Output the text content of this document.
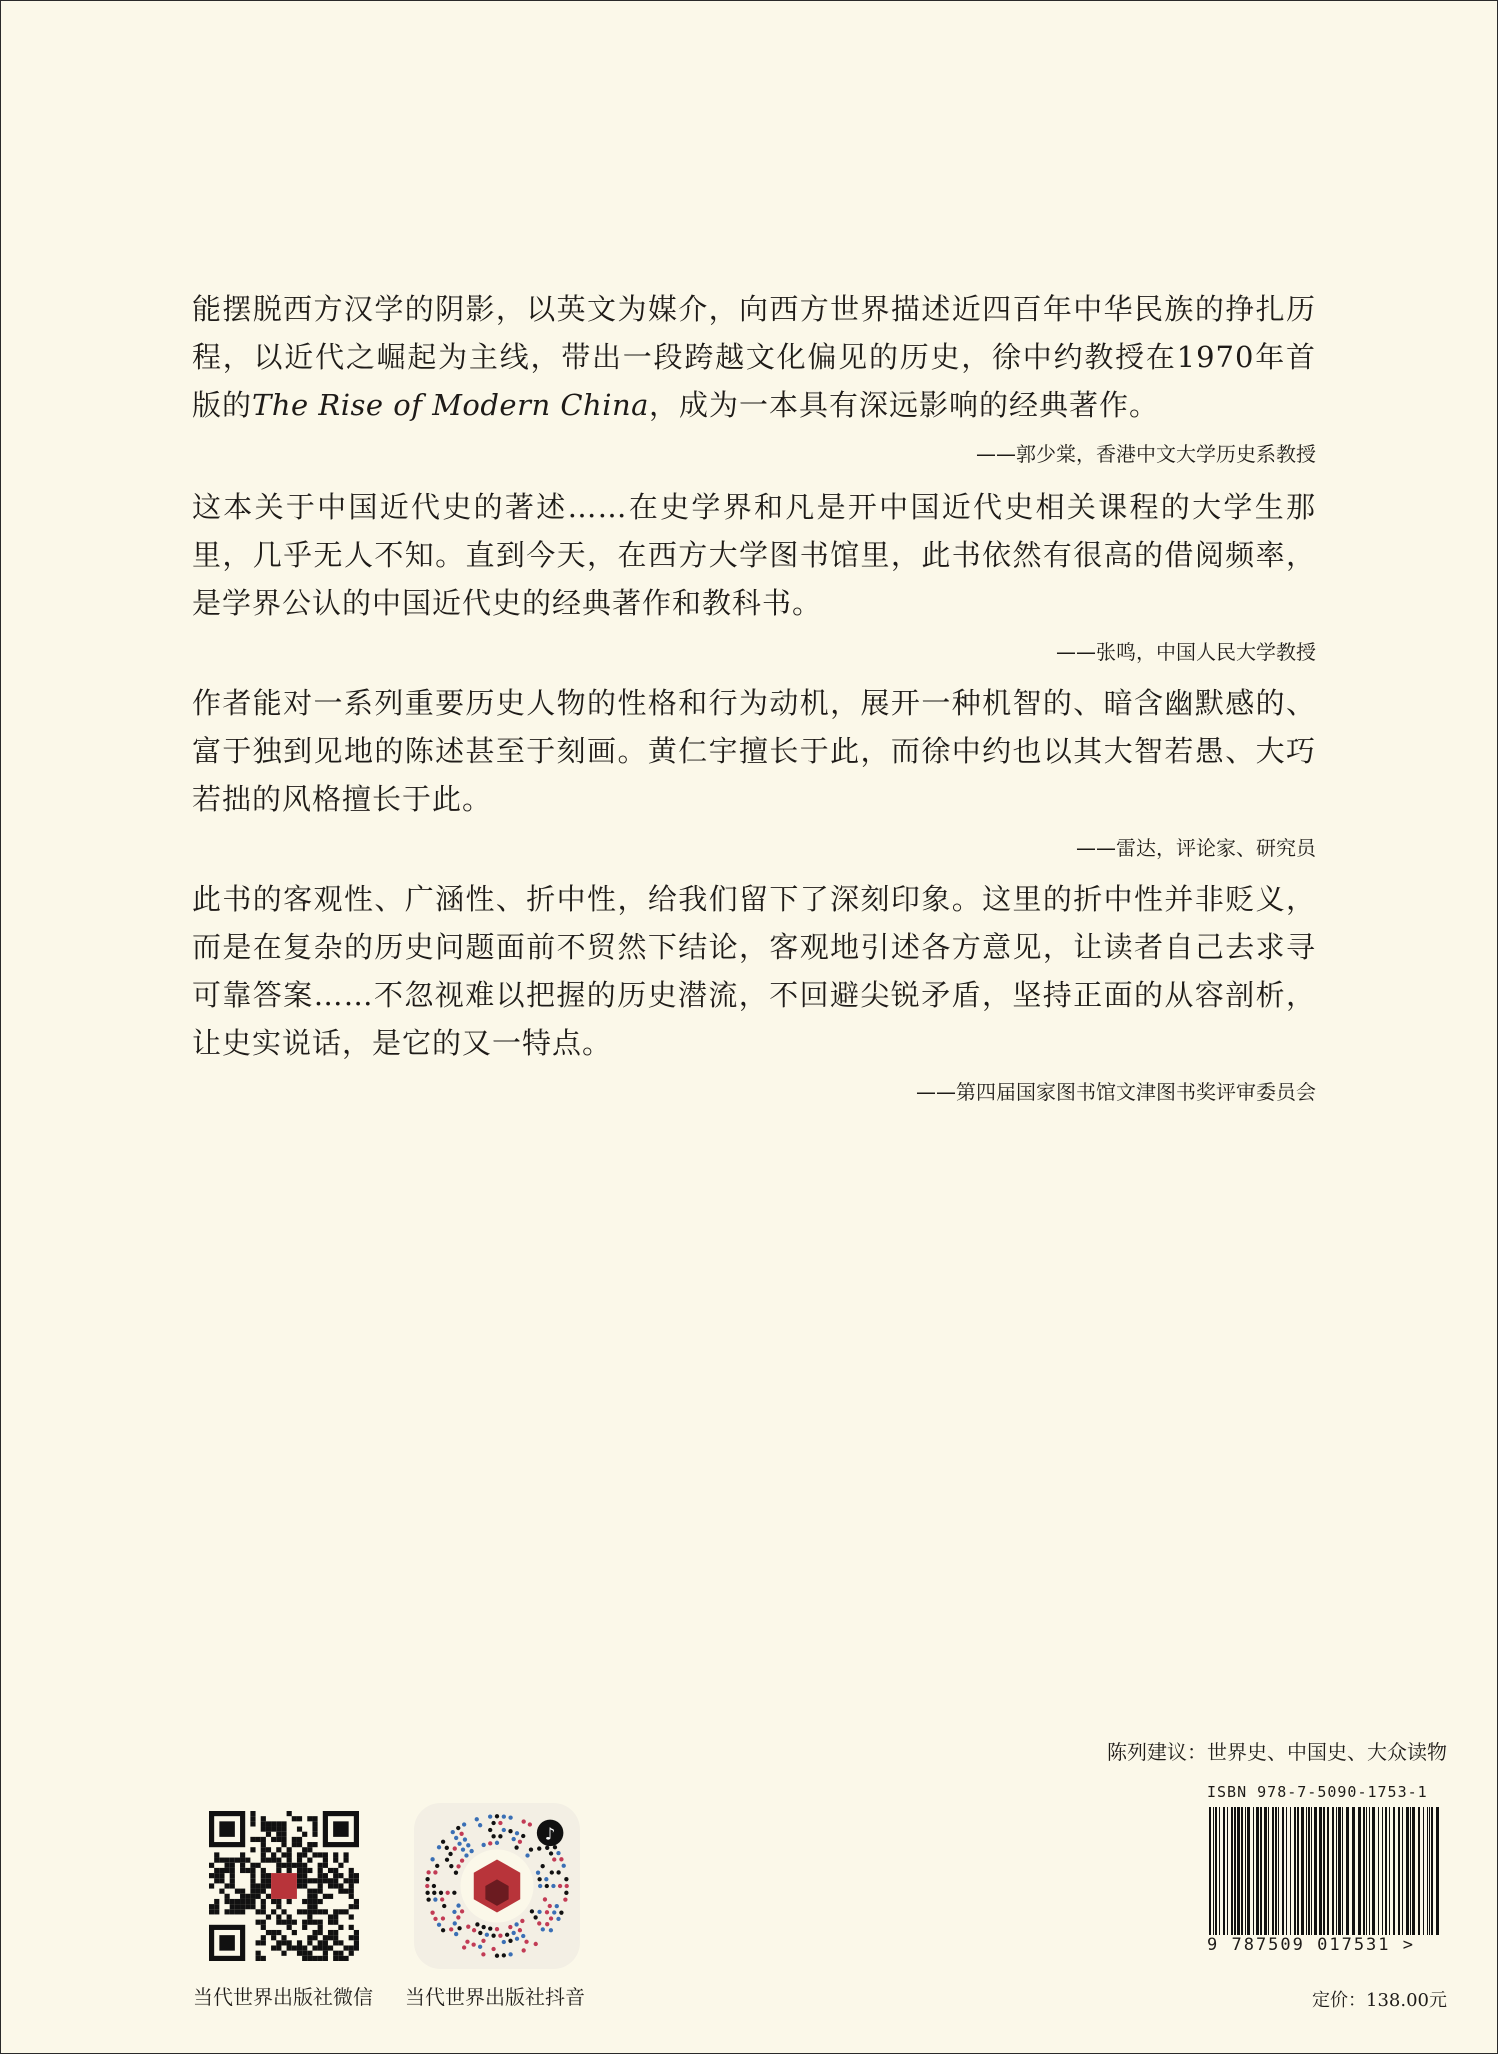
能摆脱西方汉学的阴影，以英文为媒介，向西方世界描述近四百年中华民族的挣扎历程，以近代之崛起为主线，带出一段跨越文化偏见的历史，徐中约教授在1970年首版的The Rise of Modern China，成为一本具有深远影响的经典著作。

——郭少棠，香港中文大学历史系教授

这本关于中国近代史的著述……在史学界和凡是开中国近代史相关课程的大学生那里，几乎无人不知。直到今天，在西方大学图书馆里，此书依然有很高的借阅频率，是学界公认的中国近代史的经典著作和教科书。

——张鸣，中国人民大学教授

作者能对一系列重要历史人物的性格和行为动机，展开一种机智的、暗含幽默感的、富于独到见地的陈述甚至于刻画。黄仁宇擅长于此，而徐中约也以其大智若愚、大巧若拙的风格擅长于此。

——雷达，评论家、研究员

此书的客观性、广涵性、折中性，给我们留下了深刻印象。这里的折中性并非贬义，而是在复杂的历史问题面前不贸然下结论，客观地引述各方意见，让读者自己去求寻可靠答案……不忽视难以把握的历史潜流，不回避尖锐矛盾，坚持正面的从容剖析，让史实说话，是它的又一特点。

——第四届国家图书馆文津图书奖评审委员会
陈列建议：世界史、中国史、大众读物
ISBN 978-7-5090-1753-1
9 787509 017531 >
定价：138.00元
♪
当代世界出版社微信 当代世界出版社抖音
